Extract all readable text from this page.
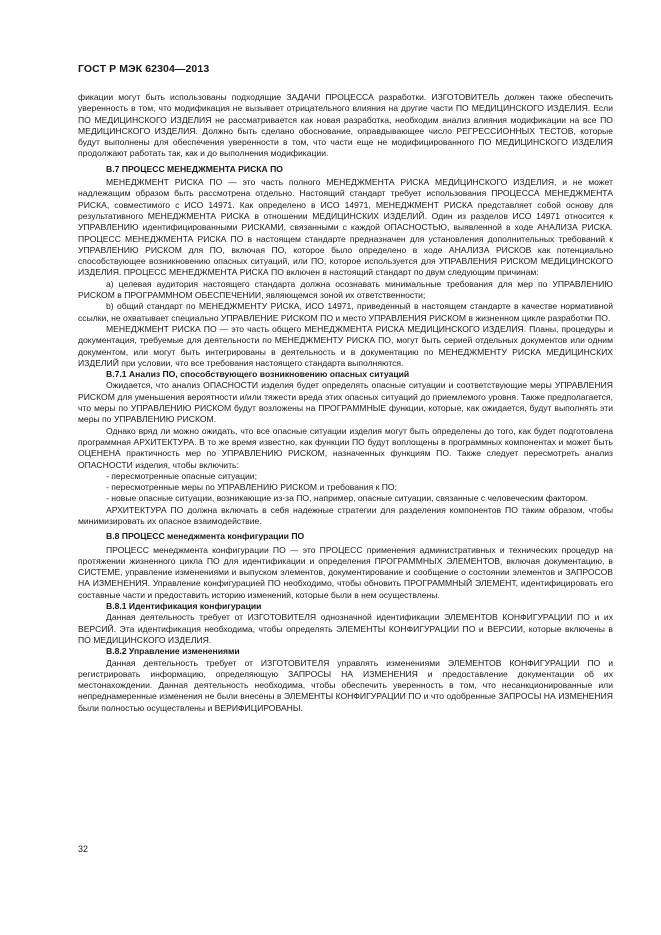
ГОСТ Р МЭК 62304—2013

фикации могут быть использованы подходящие ЗАДАЧИ ПРОЦЕССА разработки. ИЗГОТОВИТЕЛЬ должен также обеспечить уверенность в том, что модификация не вызывает отрицательного влияния на другие части ПО МЕДИЦИНСКОГО ИЗДЕЛИЯ. Если ПО МЕДИЦИНСКОГО ИЗДЕЛИЯ не рассматривается как новая разработка, необходим анализ влияния модификации на все ПО МЕДИЦИНСКОГО ИЗДЕЛИЯ. Должно быть сделано обоснование, оправдывающее число РЕГРЕССИОННЫХ ТЕСТОВ, которые будут выполнены для обеспечения уверенности в том, что части еще не модифицированного ПО МЕДИЦИНСКОГО ИЗДЕЛИЯ продолжают работать так, как и до выполнения модификации.

В.7 ПРОЦЕСС МЕНЕДЖМЕНТА РИСКА ПО

МЕНЕДЖМЕНТ РИСКА ПО — это часть полного МЕНЕДЖМЕНТА РИСКА МЕДИЦИНСКОГО ИЗДЕЛИЯ, и не может надлежащим образом быть рассмотрена отдельно. Настоящий стандарт требует использования ПРОЦЕССА МЕНЕДЖМЕНТА РИСКА, совместимого с ИСО 14971. Как определено в ИСО 14971, МЕНЕДЖМЕНТ РИСКА представляет собой основу для результативного МЕНЕДЖМЕНТА РИСКА в отношении МЕДИЦИНСКИХ ИЗДЕЛИЙ. Один из разделов ИСО 14971 относится к УПРАВЛЕНИЮ идентифицированными РИСКАМИ, связанными с каждой ОПАСНОСТЬЮ, выявленной в ходе АНАЛИЗА РИСКА. ПРОЦЕСС МЕНЕДЖМЕНТА РИСКА ПО в настоящем стандарте предназначен для установления дополнительных требований к УПРАВЛЕНИЮ РИСКОМ для ПО, включая ПО, которое было определено в ходе АНАЛИЗА РИСКОВ как потенциально способствующее возникновению опасных ситуаций, или ПО, которое используется для УПРАВЛЕНИЯ РИСКОМ МЕДИЦИНСКОГО ИЗДЕЛИЯ. ПРОЦЕСС МЕНЕДЖМЕНТА РИСКА ПО включен в настоящий стандарт по двум следующим причинам:

а) целевая аудитория настоящего стандарта должна осознавать минимальные требования для мер по УПРАВЛЕНИЮ РИСКОМ в ПРОГРАММНОМ ОБЕСПЕЧЕНИИ, являющемся зоной их ответственности;

b) общий стандарт по МЕНЕДЖМЕНТУ РИСКА, ИСО 14971, приведенный в настоящем стандарте в качестве нормативной ссылки, не охватывает специально УПРАВЛЕНИЕ РИСКОМ ПО и место УПРАВЛЕНИЯ РИСКОМ в жизненном цикле разработки ПО.

МЕНЕДЖМЕНТ РИСКА ПО — это часть общего МЕНЕДЖМЕНТА РИСКА МЕДИЦИНСКОГО ИЗДЕЛИЯ. Планы, процедуры и документация, требуемые для деятельности по МЕНЕДЖМЕНТУ РИСКА ПО, могут быть серией отдельных документов или одним документом, или могут быть интегрированы в деятельность и в документацию по МЕНЕДЖМЕНТУ РИСКА МЕДИЦИНСКИХ ИЗДЕЛИЙ при условии, что все требования настоящего стандарта выполняются.

В.7.1 Анализ ПО, способствующего возникновению опасных ситуаций

Ожидается, что анализ ОПАСНОСТИ изделия будет определять опасные ситуации и соответствующие меры УПРАВЛЕНИЯ РИСКОМ для уменьшения вероятности и/или тяжести вреда этих опасных ситуаций до приемлемого уровня. Также предполагается, что меры по УПРАВЛЕНИЮ РИСКОМ будут возложены на ПРОГРАММНЫЕ функции, которые, как ожидается, будут выполнять эти меры по УПРАВЛЕНИЮ РИСКОМ.

Однако вряд ли можно ожидать, что все опасные ситуации изделия могут быть определены до того, как будет подготовлена программная АРХИТЕКТУРА. В то же время известно, как функции ПО будут воплощены в программных компонентах и может быть ОЦЕНЕНА практичность мер по УПРАВЛЕНИЮ РИСКОМ, назначенных функциям ПО. Также следует пересмотреть анализ ОПАСНОСТИ изделия, чтобы включить:

- пересмотренные опасные ситуации;

- пересмотренные меры по УПРАВЛЕНИЮ РИСКОМ и требования к ПО;

- новые опасные ситуации, возникающие из-за ПО, например, опасные ситуации, связанные с человеческим фактором.

АРХИТЕКТУРА ПО должна включать в себя надежные стратегии для разделения компонентов ПО таким образом, чтобы минимизировать их опасное взаимодействие.

В.8 ПРОЦЕСС менеджмента конфигурации ПО

ПРОЦЕСС менеджмента конфигурации ПО — это ПРОЦЕСС применения административных и технических процедур на протяжении жизненного цикла ПО для идентификации и определения ПРОГРАММНЫХ ЭЛЕМЕНТОВ, включая документацию, в СИСТЕМЕ, управление изменениями и выпуском элементов, документирование и сообщение о состоянии элементов и ЗАПРОСОВ НА ИЗМЕНЕНИЯ. Управление конфигурацией ПО необходимо, чтобы обновить ПРОГРАММНЫЙ ЭЛЕМЕНТ, идентифицировать его составные части и предоставить историю изменений, которые были в нем осуществлены.

В.8.1 Идентификация конфигурации

Данная деятельность требует от ИЗГОТОВИТЕЛЯ однозначной идентификации ЭЛЕМЕНТОВ КОНФИГУРАЦИИ ПО и их ВЕРСИЙ. Эта идентификация необходима, чтобы определять ЭЛЕМЕНТЫ КОНФИГУРАЦИИ ПО и ВЕРСИИ, которые включены в ПО МЕДИЦИНСКОГО ИЗДЕЛИЯ.

В.8.2 Управление изменениями

Данная деятельность требует от ИЗГОТОВИТЕЛЯ управлять изменениями ЭЛЕМЕНТОВ КОНФИГУРАЦИИ ПО и регистрировать информацию, определяющую ЗАПРОСЫ НА ИЗМЕНЕНИЯ и предоставление документации об их местонахождении. Данная деятельность необходима, чтобы обеспечить уверенность в том, что несанкционированные или непреднамеренные изменения не были внесены в ЭЛЕМЕНТЫ КОНФИГУРАЦИИ ПО и что одобренные ЗАПРОСЫ НА ИЗМЕНЕНИЯ были полностью осуществлены и ВЕРИФИЦИРОВАНЫ.

32
